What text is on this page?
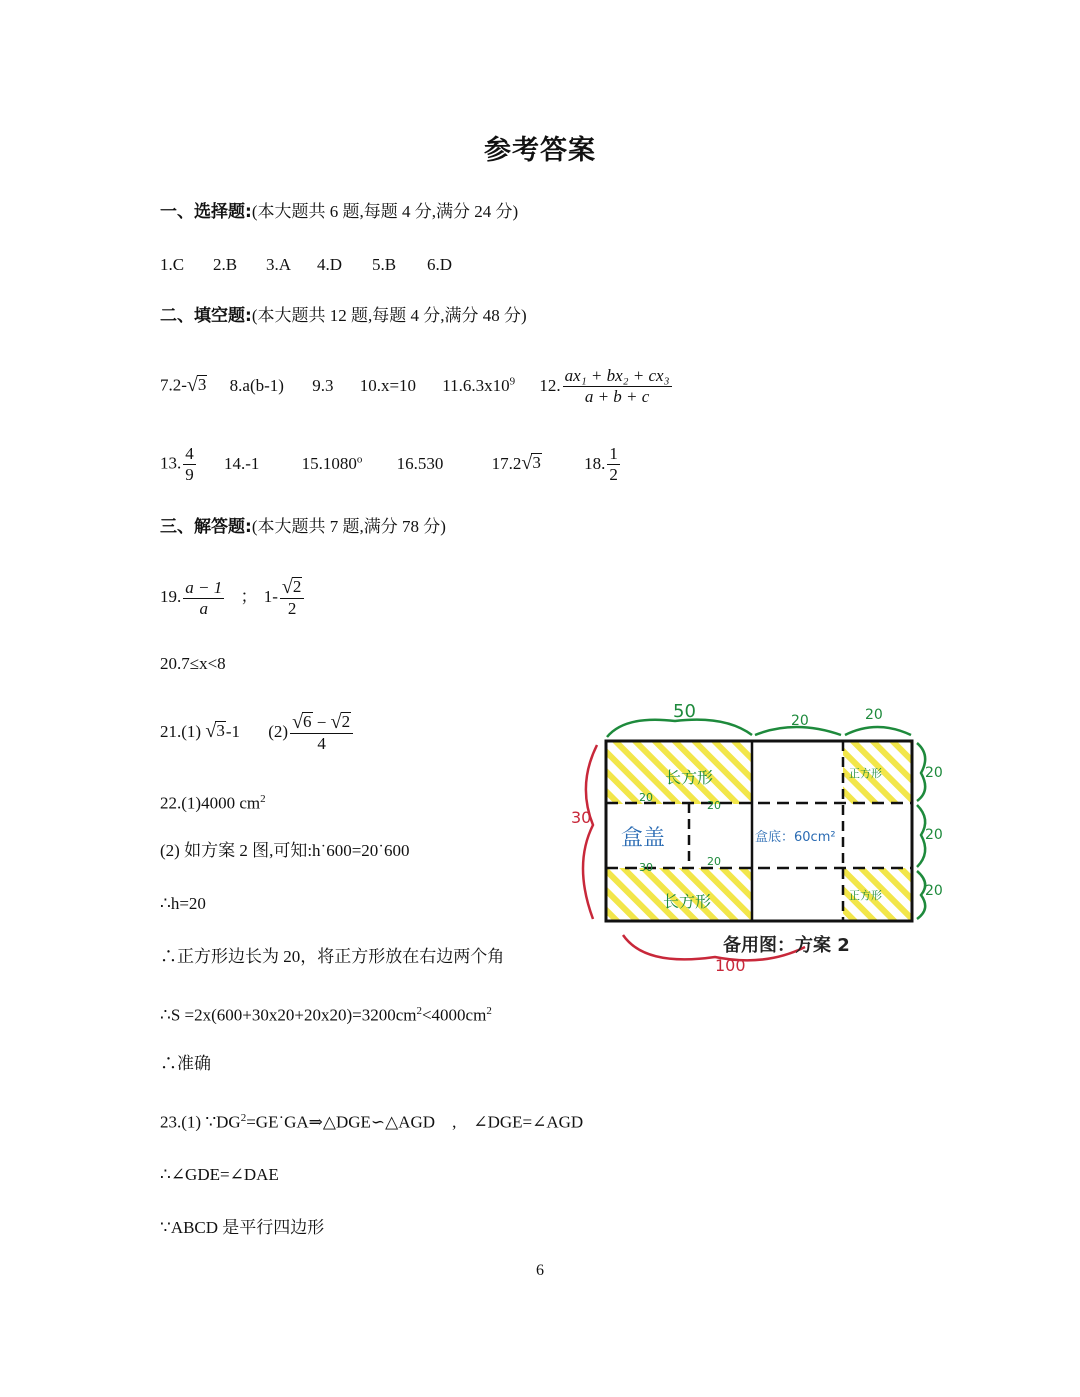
参考答案
一、选择题:(本大题共 6 题,每题 4 分,满分 24 分)
1.C 2.B 3.A 4.D 5.B 6.D
二、填空题:(本大题共 12 题,每题 4 分,满分 48 分)
7.2- √ 3 8.a(b-1) 9.3 10.x=10 $11.6.3x10^9$ 12. $\frac{\text{ax₁ + bx₂ + cx₃}}{a + b + c}$
13. $\frac{4}{9} 14.-1$ 15.1080$^o$ 16.530	17.2 √ 3	18. $\frac{1}{2}$
三、解答题:(本大题共 7 题,满分 78 分)
19. $\frac{a - 1}{a}$ ； $1- \frac{√ 2}{2}$
20.7≤x<8
21.(1) √ 3 -1 $(2) \frac{√ 6 - √ 2}{4}$
22.(1)4000 $cm^2$
(2) 如方案 2 图,可知:h˙600=20˙600
∴h=20
∴正方形边长为 20，将正方形放在右边两个角
∴S $=2x(600+30x20+20x20)=3200cm^2<4000cm^2$
∴准确
23.(1) $\because DG^2=GE˙GA\Rightarrow\triangle DGE∽\triangle AGD$　,　∠DGE=∠AGD
∴∠GDE=∠DAE
∵ABCD 是平行四边形
50	20	20
20
20
20
30
100
长方形	正方形
盒盖	盒底：60cm²
长方形	正方形
20
20
30	20
备用图：方案 2
6
